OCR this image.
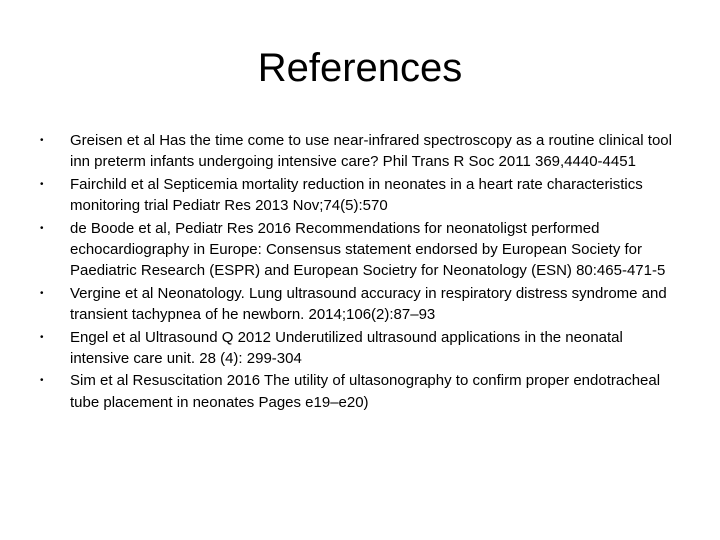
References
•	Greisen et al Has the time come to use near-infrared spectroscopy as a routine clinical tool inn preterm infants undergoing intensive care? Phil Trans R Soc 2011 369,4440-4451
•	Fairchild et al Septicemia mortality reduction in neonates in a heart rate characteristics monitoring trial Pediatr Res 2013 Nov;74(5):570
•	de Boode et al, Pediatr Res 2016 Recommendations for neonatoligst performed echocardiography in Europe: Consensus statement endorsed by European Society for Paediatric Research (ESPR) and European Societry for Neonatology (ESN) 80:465-471-5
•	Vergine et al Neonatology. Lung ultrasound accuracy in respiratory distress syndrome and transient tachypnea of he newborn. 2014;106(2):87–93
•	Engel et al Ultrasound Q 2012 Underutilized ultrasound applications in the neonatal intensive care unit. 28 (4): 299-304
•	Sim et al Resuscitation 2016 The utility of ultasonography to confirm proper endotracheal tube placement in neonates Pages e19–e20)
